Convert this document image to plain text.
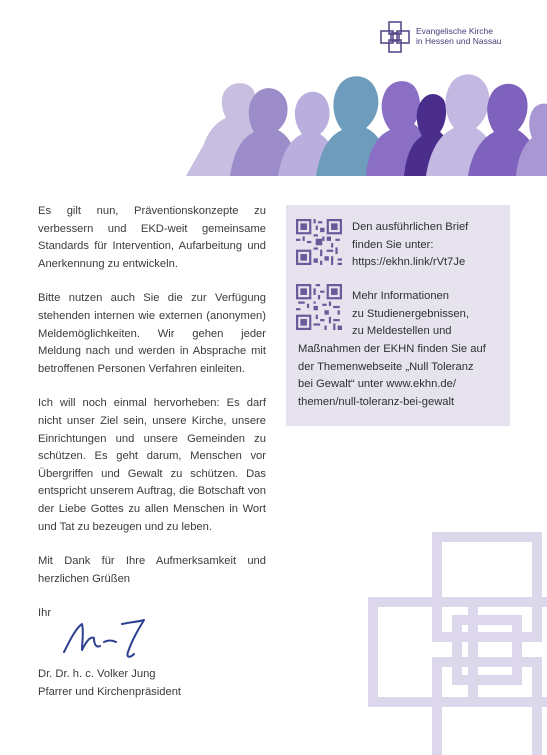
Evangelische Kirche
in Hessen und Nassau

Es gilt nun, Präventionskonzepte zu verbessern und EKD-weit gemeinsame Standards für Intervention, Aufarbeitung und Anerkennung zu entwickeln.

Bitte nutzen auch Sie die zur Verfügung stehenden internen wie externen (anonymen) Meldemöglichkeiten. Wir gehen jeder Meldung nach und werden in Absprache mit betroffenen Personen Verfahren einleiten.

Ich will noch einmal hervorheben: Es darf nicht unser Ziel sein, unsere Kirche, unsere Einrichtungen und unsere Gemeinden zu schützen. Es geht darum, Menschen vor Übergriffen und Gewalt zu schützen. Das entspricht unserem Auftrag, die Botschaft von der Liebe Gottes zu allen Menschen in Wort und Tat zu bezeugen und zu leben.

Mit Dank für Ihre Aufmerksamkeit und herzlichen Grüßen

Ihr

Dr. Dr. h. c. Volker Jung
Pfarrer und Kirchenpräsident
Den ausführlichen Brief
finden Sie unter:
https://ekhn.link/rVt7Je
Mehr Informationen
zu Studienergebnissen,
zu Meldestellen und
Maßnahmen der EKHN finden Sie auf
der Themenwebseite „Null Toleranz
bei Gewalt“ unter www.ekhn.de/
themen/null-toleranz-bei-gewalt
